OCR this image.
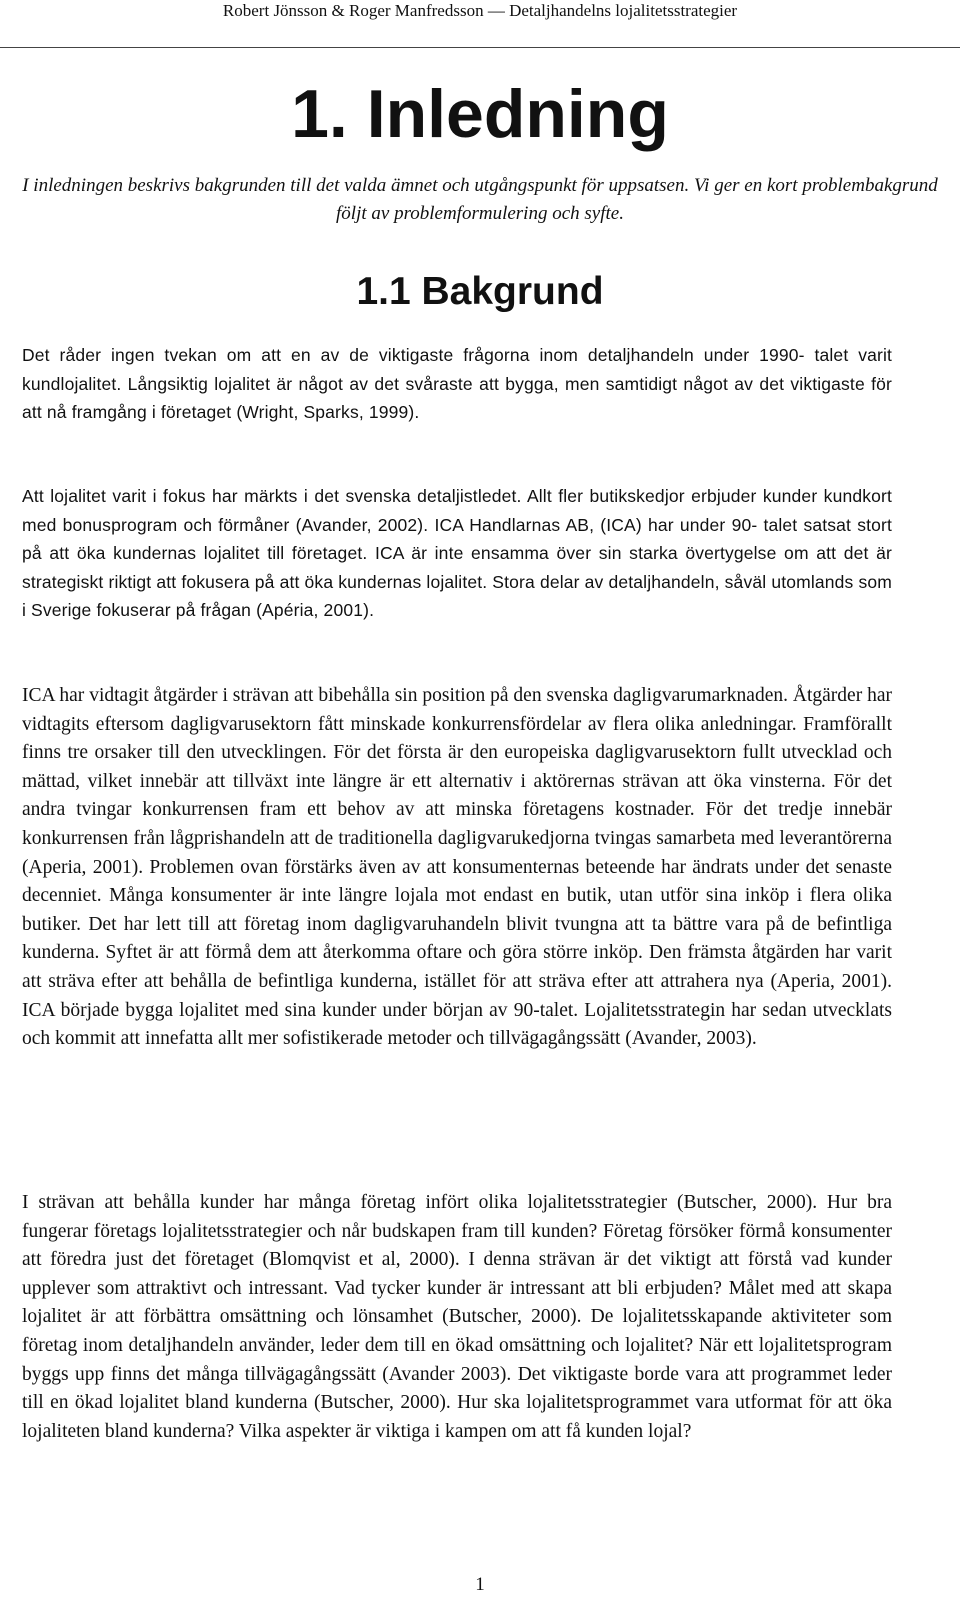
Robert Jönsson & Roger Manfredsson — Detaljhandelns lojalitetsstrategier
1. Inledning
I inledningen beskrivs bakgrunden till det valda ämnet och utgångspunkt för uppsatsen. Vi ger en kort problembakgrund följt av problemformulering och syfte.
1.1 Bakgrund

Det råder ingen tvekan om att en av de viktigaste frågorna inom detaljhandeln under 1990- talet varit kundlojalitet. Långsiktig lojalitet är något av det svåraste att bygga, men samtidigt något av det viktigaste för att nå framgång i företaget (Wright, Sparks, 1999).

Att lojalitet varit i fokus har märkts i det svenska detaljistledet. Allt fler butikskedjor erbjuder kunder kundkort med bonusprogram och förmåner (Avander, 2002). ICA Handlarnas AB, (ICA) har under 90- talet satsat stort på att öka kundernas lojalitet till företaget. ICA är inte ensamma över sin starka övertygelse om att det är strategiskt riktigt att fokusera på att öka kundernas lojalitet. Stora delar av detaljhandeln, såväl utomlands som i Sverige fokuserar på frågan (Apéria, 2001).

ICA har vidtagit åtgärder i strävan att bibehålla sin position på den svenska dagligvarumarknaden. Åtgärder har vidtagits eftersom dagligvarusektorn fått minskade konkurrensfördelar av flera olika anledningar. Framförallt finns tre orsaker till den utvecklingen. För det första är den europeiska dagligvarusektorn fullt utvecklad och mättad, vilket innebär att tillväxt inte längre är ett alternativ i aktörernas strävan att öka vinsterna. För det andra tvingar konkurrensen fram ett behov av att minska företagens kostnader. För det tredje innebär konkurrensen från lågprishandeln att de traditionella dagligvarukedjorna tvingas samarbeta med leverantörerna (Aperia, 2001). Problemen ovan förstärks även av att konsumenternas beteende har ändrats under det senaste decenniet. Många konsumenter är inte längre lojala mot endast en butik, utan utför sina inköp i flera olika butiker. Det har lett till att företag inom dagligvaruhandeln blivit tvungna att ta bättre vara på de befintliga kunderna. Syftet är att förmå dem att återkomma oftare och göra större inköp. Den främsta åtgärden har varit att sträva efter att behålla de befintliga kunderna, istället för att sträva efter att attrahera nya (Aperia, 2001). ICA började bygga lojalitet med sina kunder under början av 90-talet. Lojalitetsstrategin har sedan utvecklats och kommit att innefatta allt mer sofistikerade metoder och tillvägagångssätt (Avander, 2003).

I strävan att behålla kunder har många företag infört olika lojalitetsstrategier (Butscher, 2000). Hur bra fungerar företags lojalitetsstrategier och når budskapen fram till kunden? Företag försöker förmå konsumenter att föredra just det företaget (Blomqvist et al, 2000). I denna strävan är det viktigt att förstå vad kunder upplever som attraktivt och intressant. Vad tycker kunder är intressant att bli erbjuden? Målet med att skapa lojalitet är att förbättra omsättning och lönsamhet (Butscher, 2000). De lojalitetsskapande aktiviteter som företag inom detaljhandeln använder, leder dem till en ökad omsättning och lojalitet? När ett lojalitetsprogram byggs upp finns det många tillvägagångssätt (Avander 2003). Det viktigaste borde vara att programmet leder till en ökad lojalitet bland kunderna (Butscher, 2000). Hur ska lojalitetsprogrammet vara utformat för att öka lojaliteten bland kunderna? Vilka aspekter är viktiga i kampen om att få kunden lojal?

1
